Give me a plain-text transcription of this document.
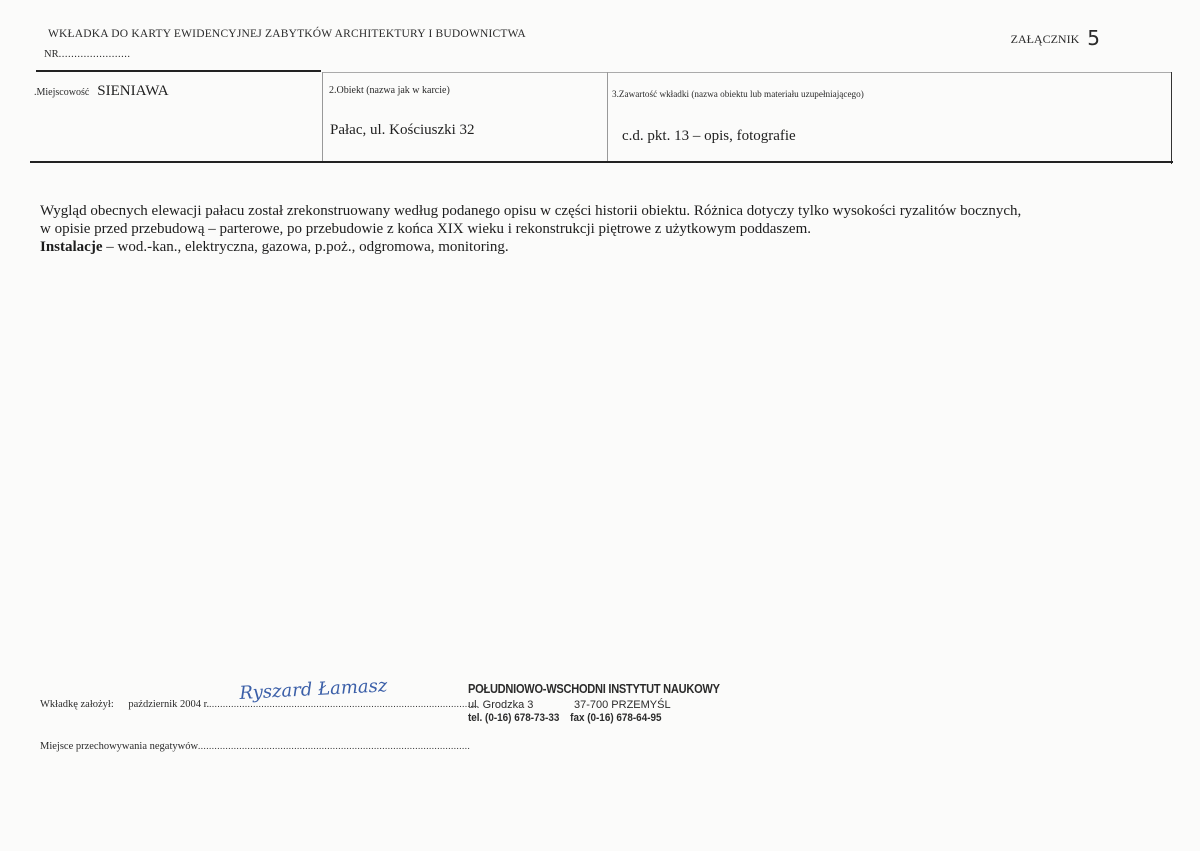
WKŁADKA DO KARTY EWIDENCYJNEJ ZABYTKÓW ARCHITEKTURY I BUDOWNICTWA	ZAŁĄCZNIK 5
NR.......................
.Miejscowość SIENIAWA	2.Obiekt (nazwa jak w karcie)
Pałac, ul. Kościuszki 32
3.Zawartość wkładki (nazwa obiektu lub materiału uzupełniającego)
c.d. pkt. 13 – opis, fotografie

Wygląd obecnych elewacji pałacu został zrekonstruowany według podanego opisu w części historii obiektu. Różnica dotyczy tylko wysokości ryzalitów bocznych,

w opisie przed przebudową – parterowe, po przebudowie z końca XIX wieku i rekonstrukcji piętrowe z użytkowym poddaszem.

Instalacje – wod.-kan., elektryczna, gazowa, p.poż., odgromowa, monitoring.

Wkładkę założył: październik 2004 r...................................................................................................
Ryszard Łamasz	POŁUDNIOWO-WSCHODNI INSTYTUT NAUKOWY
ul. Grodzka 3	37-700 PRZEMYŚL
tel. (0-16) 678-73-33 fax (0-16) 678-64-95
Miejsce przechowywania negatywów...................................................................................................
